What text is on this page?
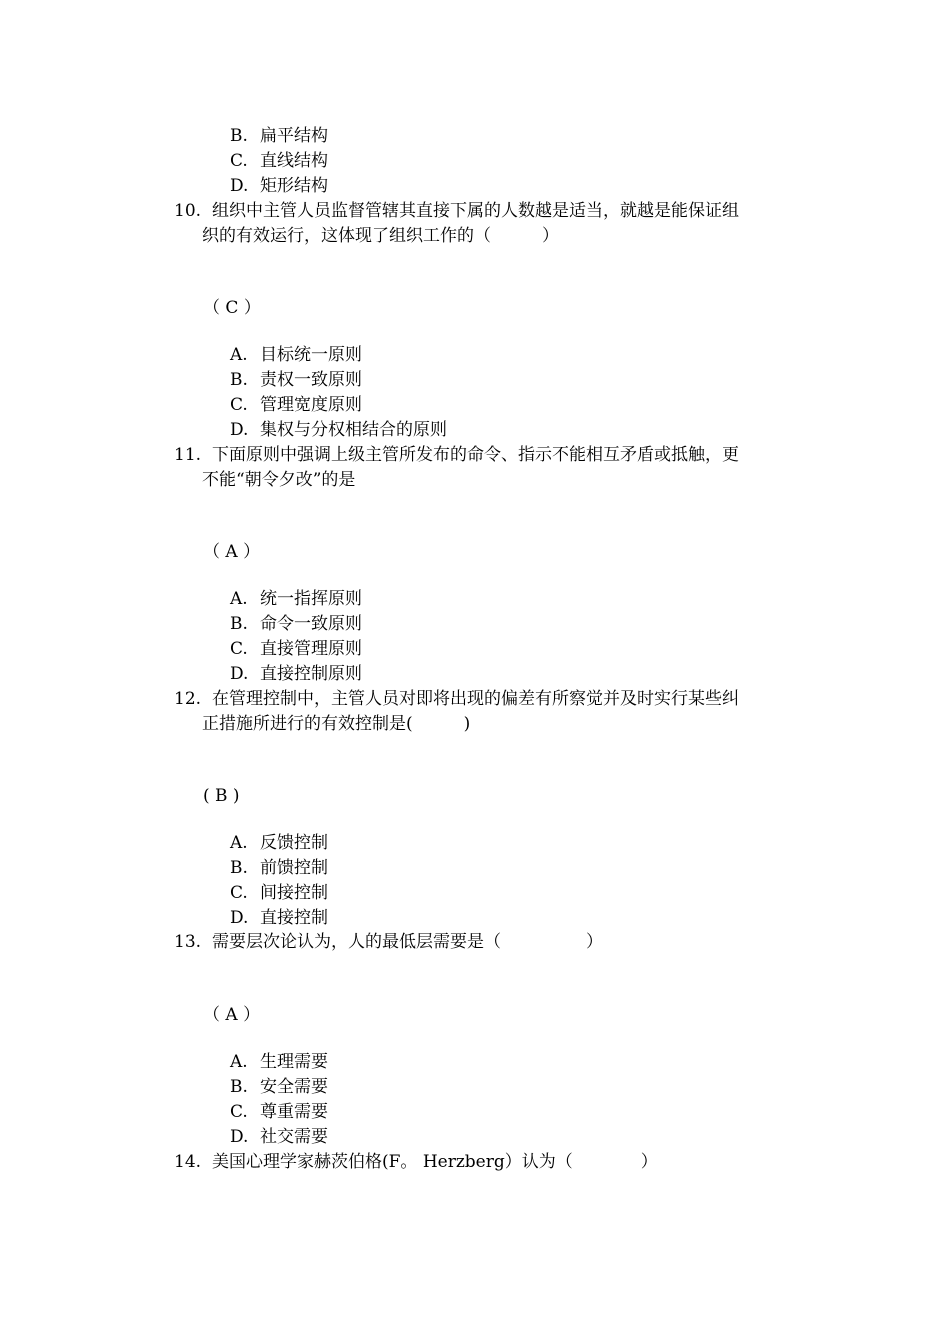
B. 扁平结构
C. 直线结构
D. 矩形结构
10. 组织中主管人员监督管辖其直接下属的人数越是适当，就越是能保证组
织的有效运行，这体现了组织工作的（　　　）
（ C ）
A. 目标统一原则
B. 责权一致原则
C. 管理宽度原则
D. 集权与分权相结合的原则
11. 下面原则中强调上级主管所发布的命令、指示不能相互矛盾或抵触，更
不能“朝令夕改”的是
（ A ）
A. 统一指挥原则
B. 命令一致原则
C. 直接管理原则
D. 直接控制原则
12. 在管理控制中，主管人员对即将出现的偏差有所察觉并及时实行某些纠
正措施所进行的有效控制是(　　　)
( B )
A. 反馈控制
B. 前馈控制
C. 间接控制
D. 直接控制
13. 需要层次论认为，人的最低层需要是（　　　　　）
（ A ）
A. 生理需要
B. 安全需要
C. 尊重需要
D. 社交需要
14. 美国心理学家赫茨伯格(F。 Herzberg）认为（　　　　）
